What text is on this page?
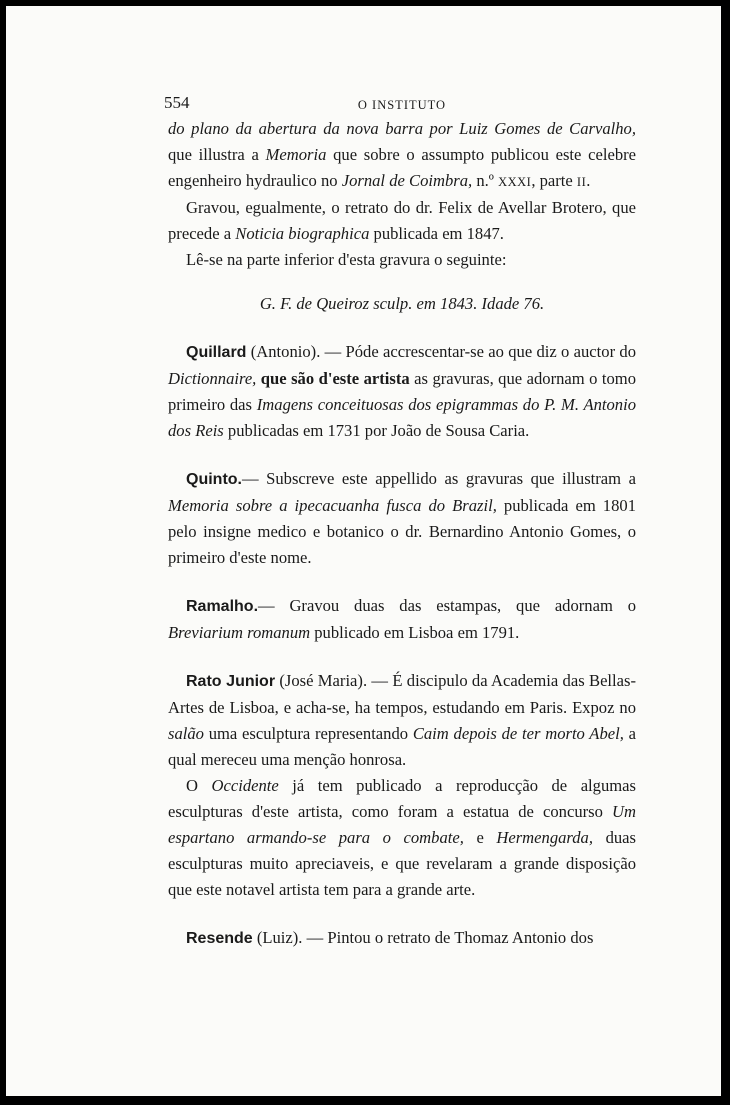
554	O INSTITUTO

do plano da abertura da nova barra por Luiz Gomes de Carvalho, que illustra a Memoria que sobre o assumpto publicou este celebre engenheiro hydraulico no Jornal de Coimbra, n.º XXXI, parte II.

Gravou, egualmente, o retrato do dr. Felix de Avellar Brotero, que precede a Noticia biographica publicada em 1847.

Lê-se na parte inferior d'esta gravura o seguinte:

G. F. de Queiroz sculp. em 1843. Idade 76.

Quillard (Antonio). — Póde accrescentar-se ao que diz o auctor do Dictionnaire, que são d'este artista as gravuras, que adornam o tomo primeiro das Imagens conceituosas dos epigrammas do P. M. Antonio dos Reis publicadas em 1731 por João de Sousa Caria.

Quinto.— Subscreve este appellido as gravuras que illustram a Memoria sobre a ipecacuanha fusca do Brazil, publicada em 1801 pelo insigne medico e botanico o dr. Bernardino Antonio Gomes, o primeiro d'este nome.

Ramalho.— Gravou duas das estampas, que adornam o Breviarium romanum publicado em Lisboa em 1791.

Rato Junior (José Maria). — É discipulo da Academia das Bellas-Artes de Lisboa, e acha-se, ha tempos, estudando em Paris. Expoz no salão uma esculptura representando Caim depois de ter morto Abel, a qual mereceu uma menção honrosa.

O Occidente já tem publicado a reproducção de algumas esculpturas d'este artista, como foram a estatua de concurso Um espartano armando-se para o combate, e Hermengarda, duas esculpturas muito apreciaveis, e que revelaram a grande disposição que este notavel artista tem para a grande arte.

Resende (Luiz). — Pintou o retrato de Thomaz Antonio dos
